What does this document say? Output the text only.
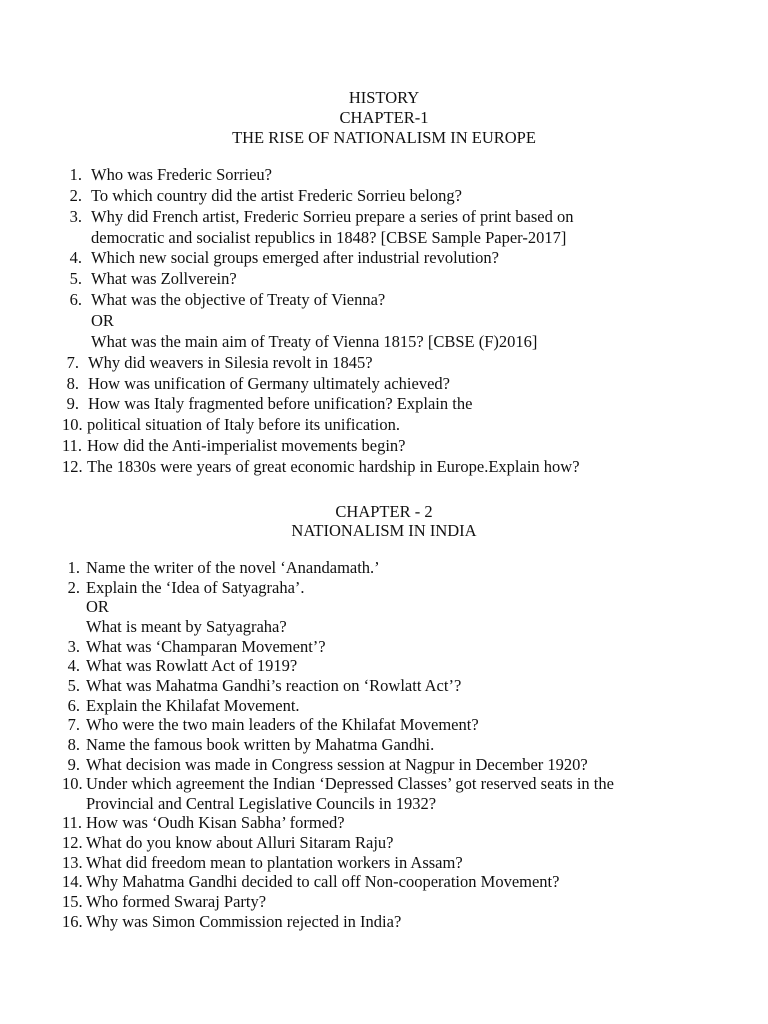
HISTORY
CHAPTER-1
THE RISE OF NATIONALISM IN EUROPE
1. Who was Frederic Sorrieu?
2. To which country did the artist Frederic Sorrieu belong?
3. Why did French artist, Frederic Sorrieu prepare a series of print based on
democratic and socialist republics in 1848? [CBSE Sample Paper-2017]
4. Which new social groups emerged after industrial revolution?
5. What was Zollverein?
6. What was the objective of Treaty of Vienna?
OR
What was the main aim of Treaty of Vienna 1815? [CBSE (F)2016]
7. Why did weavers in Silesia revolt in 1845?
8. How was unification of Germany ultimately achieved?
9. How was Italy fragmented before unification? Explain the
10. political situation of Italy before its unification.
11. How did the Anti-imperialist movements begin?
12. The 1830s were years of great economic hardship in Europe.Explain how?
CHAPTER - 2
NATIONALISM IN INDIA
1. Name the writer of the novel ‘Anandamath.’
2. Explain the ‘Idea of Satyagraha’.
OR
What is meant by Satyagraha?
3. What was ‘Champaran Movement’?
4. What was Rowlatt Act of 1919?
5. What was Mahatma Gandhi’s reaction on ‘Rowlatt Act’?
6. Explain the Khilafat Movement.
7. Who were the two main leaders of the Khilafat Movement?
8. Name the famous book written by Mahatma Gandhi.
9. What decision was made in Congress session at Nagpur in December 1920?
10. Under which agreement the Indian ‘Depressed Classes’ got reserved seats in the
Provincial and Central Legislative Councils in 1932?
11. How was ‘Oudh Kisan Sabha’ formed?
12. What do you know about Alluri Sitaram Raju?
13. What did freedom mean to plantation workers in Assam?
14. Why Mahatma Gandhi decided to call off Non-cooperation Movement?
15. Who formed Swaraj Party?
16. Why was Simon Commission rejected in India?
